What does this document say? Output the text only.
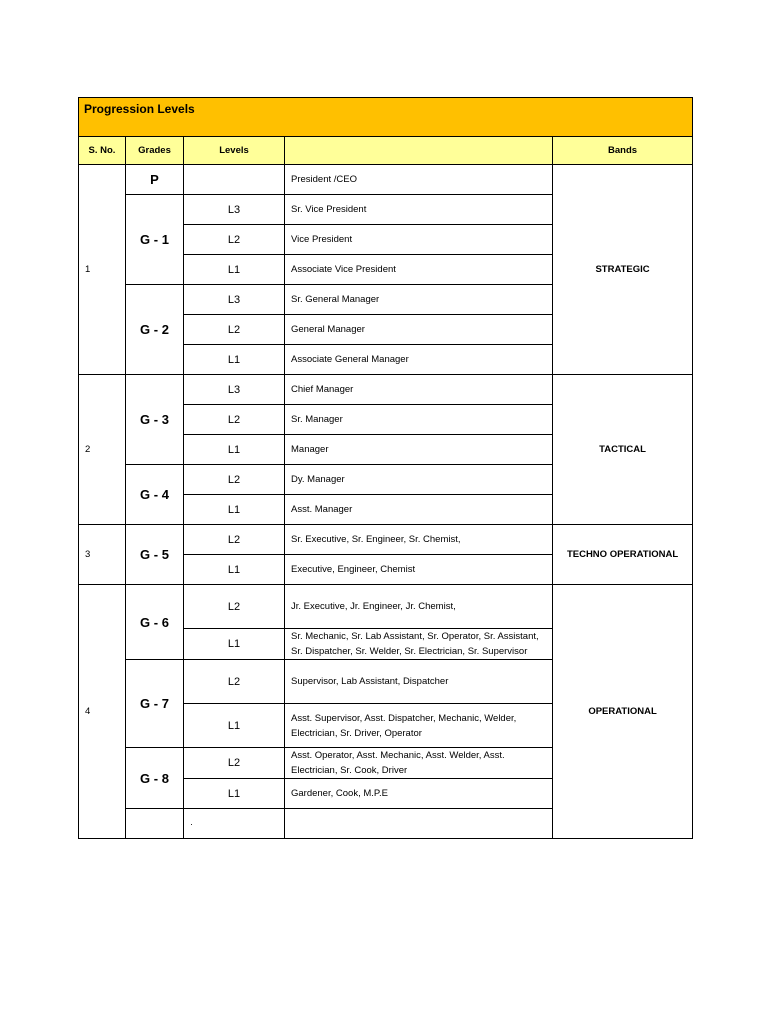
Progression Levels					
S. No.	Grades	Levels		Bands	
1	P		President /CEO	STRATEGIC	
	G - 1	L3	Sr. Vice President		
		L2	Vice President		
		L1	Associate Vice President		
	G - 2	L3	Sr. General Manager		
		L2	General Manager		
		L1	Associate General Manager		
2	G - 3	L3	Chief Manager	TACTICAL	
		L2	Sr. Manager		
		L1	Manager		
	G - 4	L2	Dy. Manager		
		L1	Asst. Manager		
3	G - 5	L2	Sr. Executive, Sr. Engineer, Sr. Chemist,	TECHNO OPERATIONAL	
		L1	Executive, Engineer, Chemist		
4	G - 6	L2	Jr. Executive, Jr. Engineer, Jr. Chemist,	OPERATIONAL	
		L1	Sr. Mechanic, Sr. Lab Assistant, Sr. Operator, Sr. Assistant, Sr. Dispatcher, Sr. Welder, Sr. Electrician, Sr. Supervisor		
	G - 7	L2	Supervisor, Lab Assistant, Dispatcher		
		L1	Asst. Supervisor, Asst. Dispatcher, Mechanic, Welder, Electrician, Sr. Driver, Operator		
	G - 8	L2	Asst. Operator, Asst. Mechanic, Asst. Welder, Asst. Electrician, Sr. Cook, Driver		
		L1	Gardener, Cook, M.P.E		
		·			
